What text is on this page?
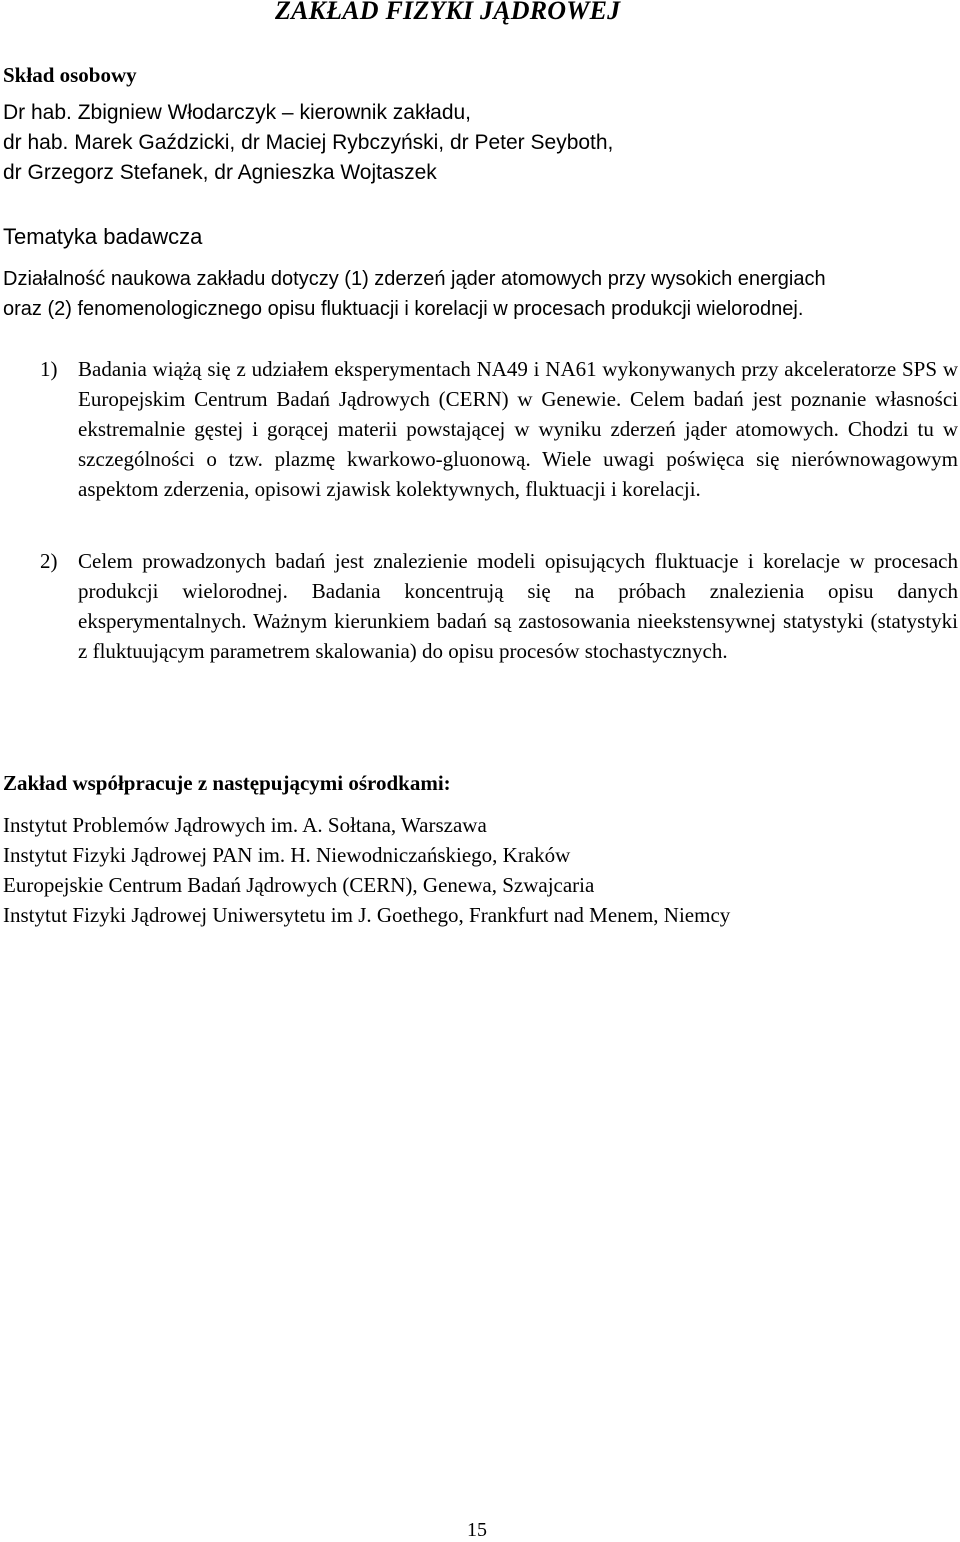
ZAKŁAD FIZYKI JĄDROWEJ
Skład osobowy
Dr hab. Zbigniew Włodarczyk – kierownik zakładu,
dr hab. Marek Gaździcki, dr Maciej Rybczyński, dr Peter Seyboth,
dr Grzegorz Stefanek, dr Agnieszka Wojtaszek
Tematyka badawcza
Działalność naukowa zakładu dotyczy (1) zderzeń jąder atomowych przy wysokich energiach
oraz (2) fenomenologicznego opisu fluktuacji i korelacji w procesach produkcji wielorodnej.
1) Badania wiążą się z udziałem eksperymentach NA49 i NA61 wykonywanych przy akceleratorze SPS w Europejskim Centrum Badań Jądrowych (CERN) w Genewie. Celem badań jest poznanie własności ekstremalnie gęstej i gorącej materii powstającej w wyniku zderzeń jąder atomowych. Chodzi tu w szczególności o tzw. plazmę kwarkowo-gluonową. Wiele uwagi poświęca się nierównowagowym aspektom zderzenia, opisowi zjawisk kolektywnych, fluktuacji i korelacji.
2) Celem prowadzonych badań jest znalezienie modeli opisujących fluktuacje i korelacje w procesach produkcji wielorodnej. Badania koncentrują się na próbach znalezienia opisu danych eksperymentalnych. Ważnym kierunkiem badań są zastosowania nieekstensywnej statystyki (statystyki z fluktuującym parametrem skalowania) do opisu procesów stochastycznych.
Zakład współpracuje z następującymi ośrodkami:
Instytut Problemów Jądrowych im. A. Sołtana, Warszawa
Instytut Fizyki Jądrowej PAN im. H. Niewodniczańskiego, Kraków
Europejskie Centrum Badań Jądrowych (CERN), Genewa, Szwajcaria
Instytut Fizyki Jądrowej Uniwersytetu im J. Goethego, Frankfurt nad Menem, Niemcy
15
